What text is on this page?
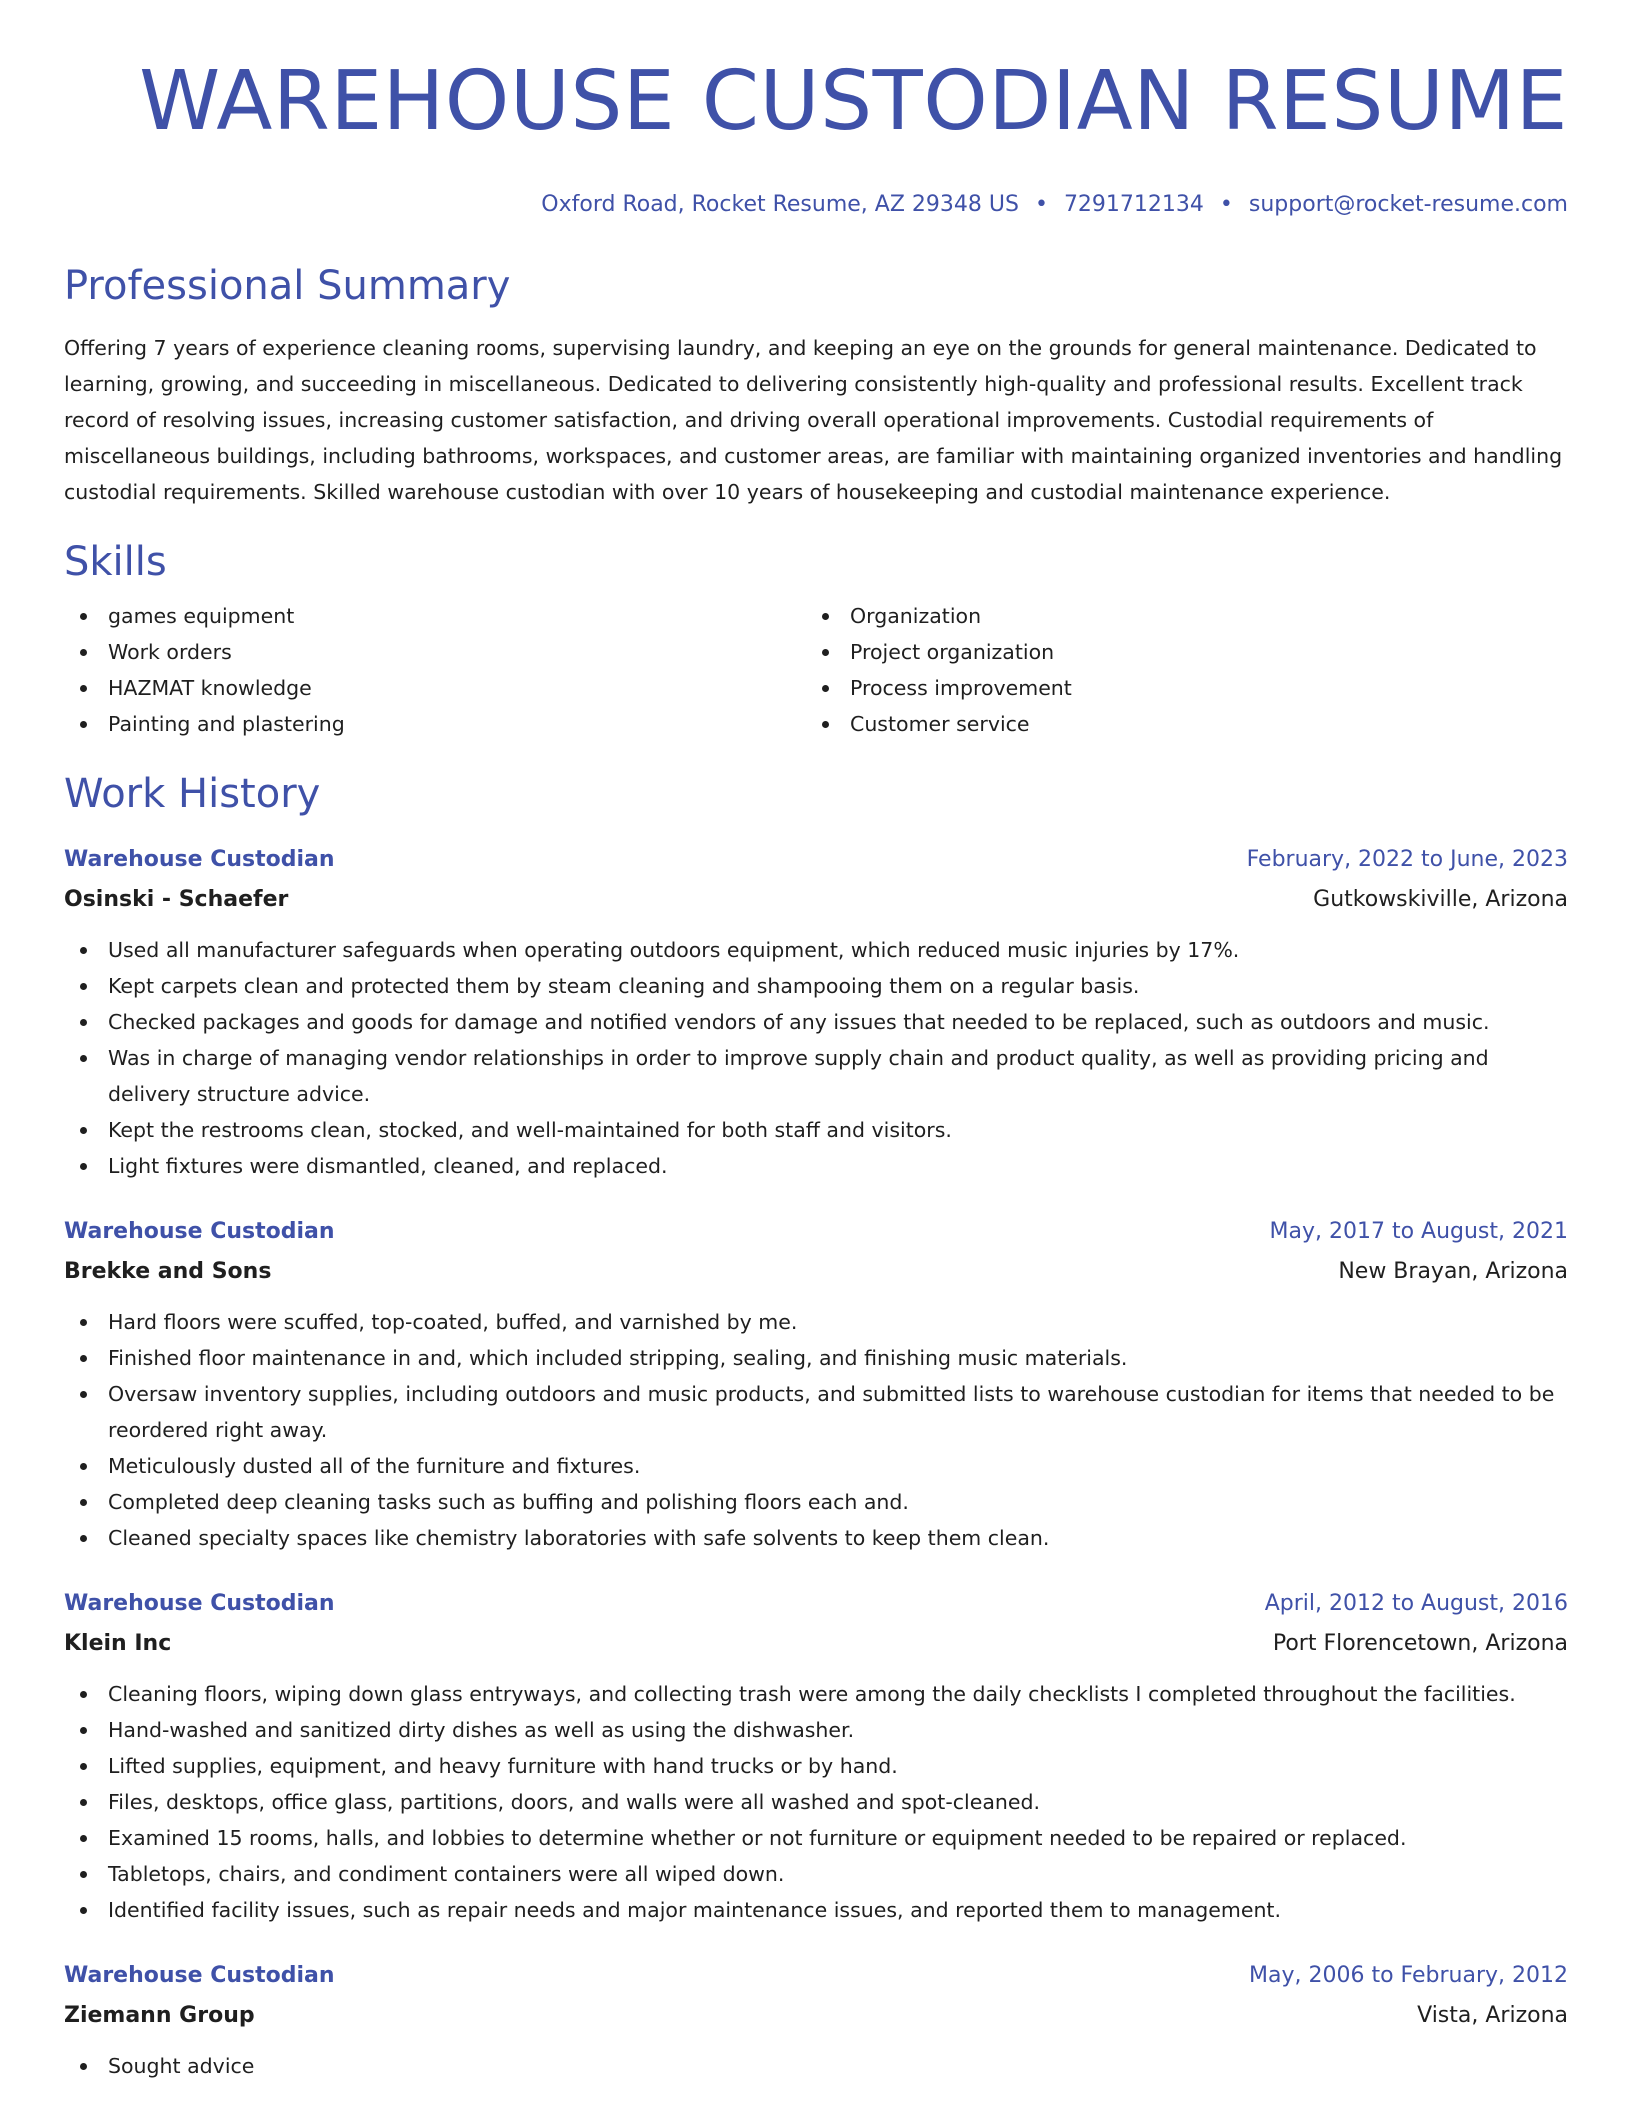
WAREHOUSE CUSTODIAN RESUME
Oxford Road, Rocket Resume, AZ 29348 US • 7291712134 • support@rocket-resume.com
Professional Summary

Offering 7 years of experience cleaning rooms, supervising laundry, and keeping an eye on the grounds for general maintenance. Dedicated to learning, growing, and succeeding in miscellaneous. Dedicated to delivering consistently high-quality and professional results. Excellent track record of resolving issues, increasing customer satisfaction, and driving overall operational improvements. Custodial requirements of miscellaneous buildings, including bathrooms, workspaces, and customer areas, are familiar with maintaining organized inventories and handling custodial requirements. Skilled warehouse custodian with over 10 years of housekeeping and custodial maintenance experience.

Skills
games equipment
Work orders
HAZMAT knowledge
Painting and plastering
Organization
Project organization
Process improvement
Customer service
Work History
Warehouse Custodian	February, 2022 to June, 2023
Osinski - Schaefer	Gutkowskiville, Arizona
Used all manufacturer safeguards when operating outdoors equipment, which reduced music injuries by 17%.
Kept carpets clean and protected them by steam cleaning and shampooing them on a regular basis.
Checked packages and goods for damage and notified vendors of any issues that needed to be replaced, such as outdoors and music.
Was in charge of managing vendor relationships in order to improve supply chain and product quality, as well as providing pricing and delivery structure advice.
Kept the restrooms clean, stocked, and well-maintained for both staff and visitors.
Light fixtures were dismantled, cleaned, and replaced.
Warehouse Custodian	May, 2017 to August, 2021
Brekke and Sons	New Brayan, Arizona
Hard floors were scuffed, top-coated, buffed, and varnished by me.
Finished floor maintenance in and, which included stripping, sealing, and finishing music materials.
Oversaw inventory supplies, including outdoors and music products, and submitted lists to warehouse custodian for items that needed to be reordered right away.
Meticulously dusted all of the furniture and fixtures.
Completed deep cleaning tasks such as buffing and polishing floors each and.
Cleaned specialty spaces like chemistry laboratories with safe solvents to keep them clean.
Warehouse Custodian	April, 2012 to August, 2016
Klein Inc	Port Florencetown, Arizona
Cleaning floors, wiping down glass entryways, and collecting trash were among the daily checklists I completed throughout the facilities.
Hand-washed and sanitized dirty dishes as well as using the dishwasher.
Lifted supplies, equipment, and heavy furniture with hand trucks or by hand.
Files, desktops, office glass, partitions, doors, and walls were all washed and spot-cleaned.
Examined 15 rooms, halls, and lobbies to determine whether or not furniture or equipment needed to be repaired or replaced.
Tabletops, chairs, and condiment containers were all wiped down.
Identified facility issues, such as repair needs and major maintenance issues, and reported them to management.
Warehouse Custodian	May, 2006 to February, 2012
Ziemann Group	Vista, Arizona
Sought advice
